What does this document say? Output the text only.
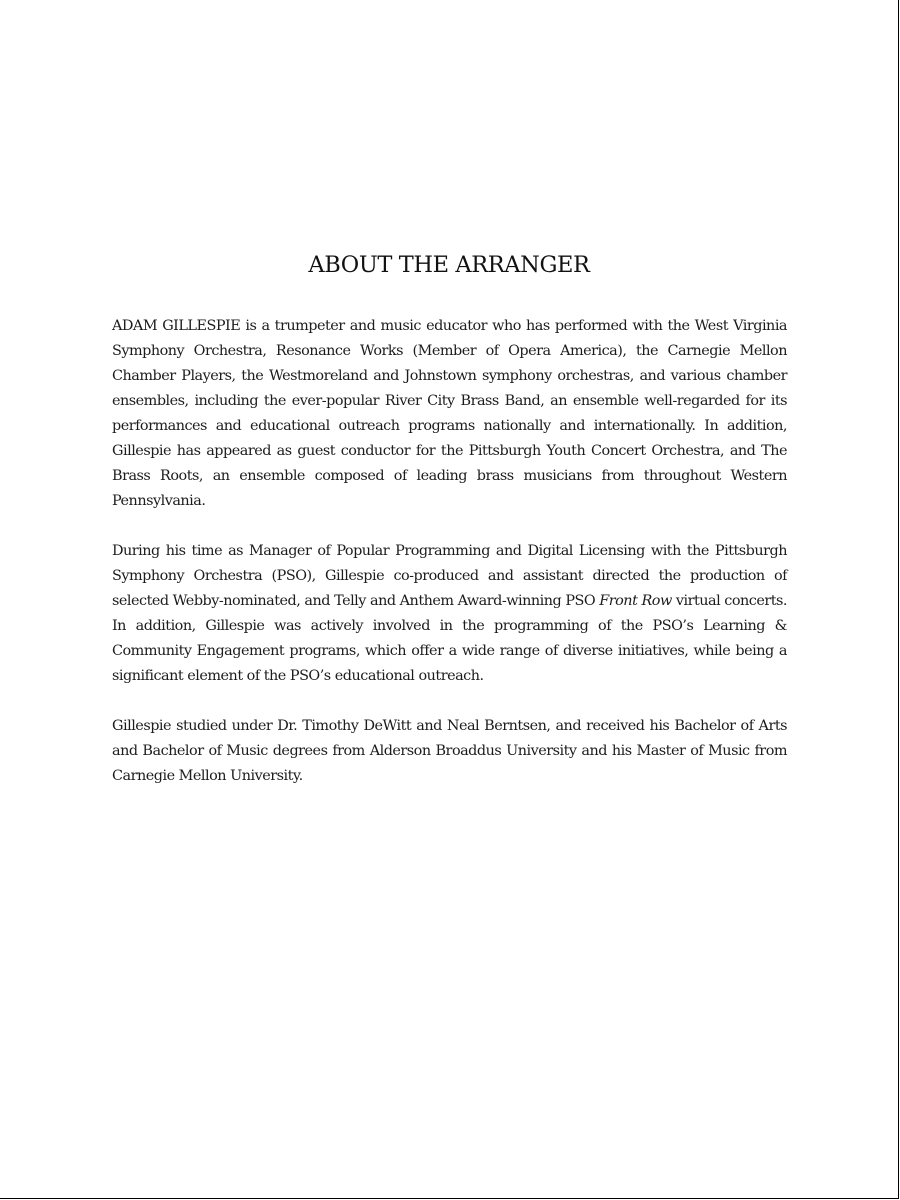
ABOUT THE ARRANGER

ADAM GILLESPIE is a trumpeter and music educator who has performed with the West Virginia Symphony Orchestra, Resonance Works (Member of Opera America), the Carnegie Mellon Chamber Players, the Westmoreland and Johnstown symphony orchestras, and various chamber ensembles, including the ever-popular River City Brass Band, an ensemble well-regarded for its performances and educational outreach programs nationally and internationally. In addition, Gillespie has appeared as guest conductor for the Pittsburgh Youth Concert Orchestra, and The Brass Roots, an ensemble composed of leading brass musicians from throughout Western Pennsylvania.

During his time as Manager of Popular Programming and Digital Licensing with the Pittsburgh Symphony Orchestra (PSO), Gillespie co-produced and assistant directed the production of selected Webby-nominated, and Telly and Anthem Award-winning PSO Front Row virtual concerts. In addition, Gillespie was actively involved in the programming of the PSO’s Learning & Community Engagement programs, which offer a wide range of diverse initiatives, while being a significant element of the PSO’s educational outreach.

Gillespie studied under Dr. Timothy DeWitt and Neal Berntsen, and received his Bachelor of Arts and Bachelor of Music degrees from Alderson Broaddus University and his Master of Music from Carnegie Mellon University.
